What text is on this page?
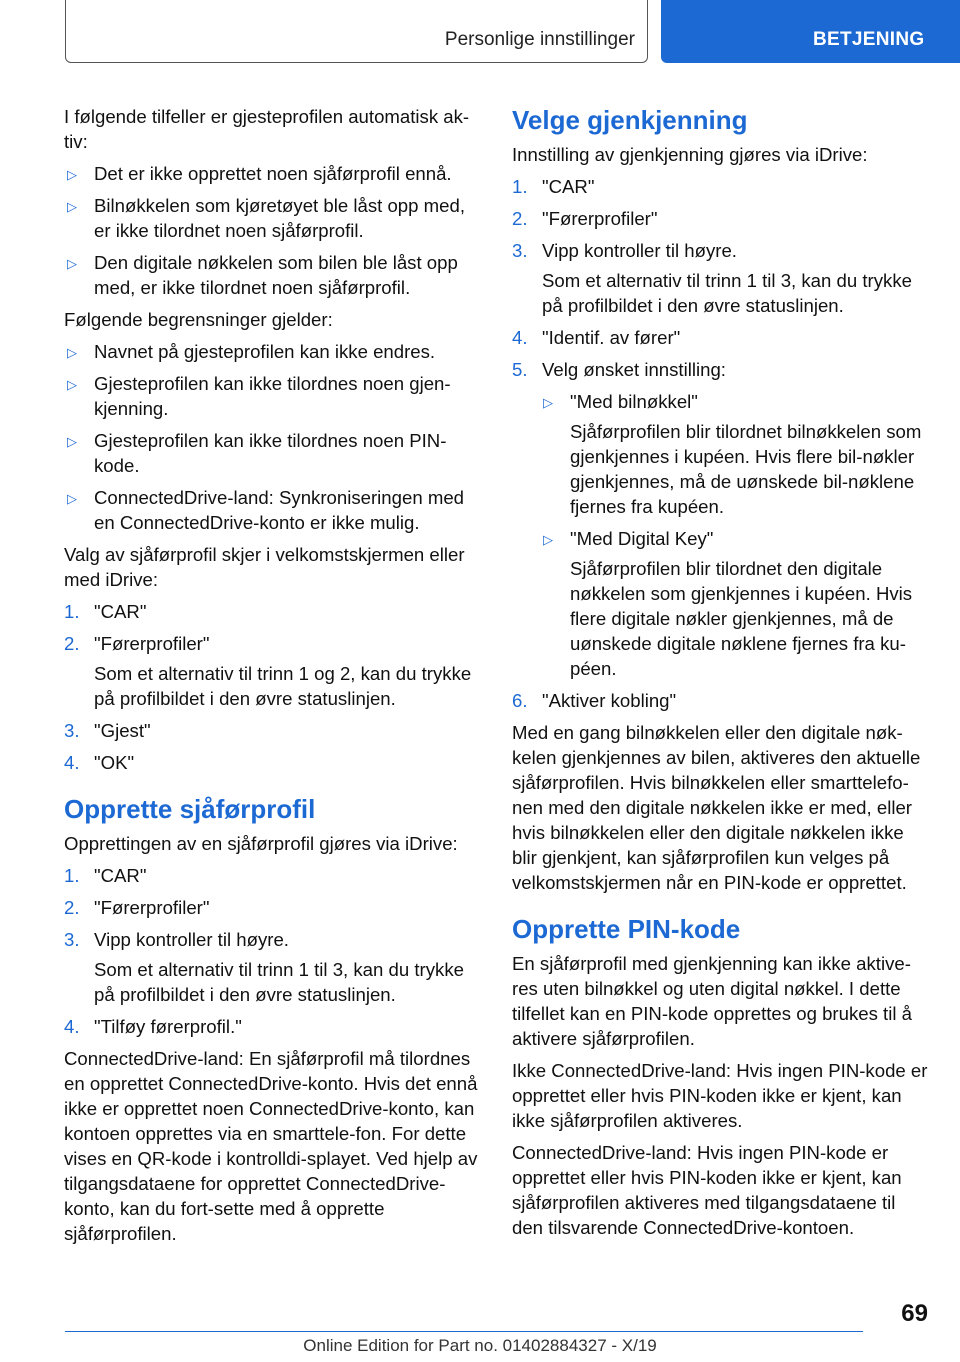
Personlige innstillinger	BETJENING

I følgende tilfeller er gjesteprofilen automatisk ak-tiv:

▷ Det er ikke opprettet noen sjåførprofil ennå.
▷ Bilnøkkelen som kjøretøyet ble låst opp med, er ikke tilordnet noen sjåførprofil.
▷ Den digitale nøkkelen som bilen ble låst opp med, er ikke tilordnet noen sjåførprofil.

Følgende begrensninger gjelder:

▷ Navnet på gjesteprofilen kan ikke endres.
▷ Gjesteprofilen kan ikke tilordnes noen gjen-kjenning.
▷ Gjesteprofilen kan ikke tilordnes noen PIN-kode.
▷ ConnectedDrive-land: Synkroniseringen med en ConnectedDrive-konto er ikke mulig.

Valg av sjåførprofil skjer i velkomstskjermen eller med iDrive:

1. "CAR"
2. "Førerprofiler"
Som et alternativ til trinn 1 og 2, kan du trykke på profilbildet i den øvre statuslinjen.
3. "Gjest"
4. "OK"
Opprette sjåførprofil

Opprettingen av en sjåførprofil gjøres via iDrive:

1. "CAR"
2. "Førerprofiler"
3. Vipp kontroller til høyre.
Som et alternativ til trinn 1 til 3, kan du trykke på profilbildet i den øvre statuslinjen.
4. "Tilføy førerprofil."

ConnectedDrive-land: En sjåførprofil må tilordnes en opprettet ConnectedDrive-konto. Hvis det ennå ikke er opprettet noen ConnectedDrive-konto, kan kontoen opprettes via en smarttele-fon. For dette vises en QR-kode i kontrolldi-splayet. Ved hjelp av tilgangsdataene for opprettet ConnectedDrive-konto, kan du fort-sette med å opprette sjåførprofilen.

Velge gjenkjenning

Innstilling av gjenkjenning gjøres via iDrive:

1. "CAR"
2. "Førerprofiler"
3. Vipp kontroller til høyre.
Som et alternativ til trinn 1 til 3, kan du trykke på profilbildet i den øvre statuslinjen.
4. "Identif. av fører"
5. Velg ønsket innstilling:
▷ "Med bilnøkkel"
Sjåførprofilen blir tilordnet bilnøkkelen som gjenkjennes i kupéen. Hvis flere bil-nøkler gjenkjennes, må de uønskede bil-nøklene fjernes fra kupéen.
▷ "Med Digital Key"
Sjåførprofilen blir tilordnet den digitale nøkkelen som gjenkjennes i kupéen. Hvis flere digitale nøkler gjenkjennes, må de uønskede digitale nøklene fjernes fra ku-péen.
6. "Aktiver kobling"

Med en gang bilnøkkelen eller den digitale nøk-kelen gjenkjennes av bilen, aktiveres den aktuelle sjåførprofilen. Hvis bilnøkkelen eller smarttelefo-nen med den digitale nøkkelen ikke er med, eller hvis bilnøkkelen eller den digitale nøkkelen ikke blir gjenkjent, kan sjåførprofilen kun velges på velkomstskjermen når en PIN-kode er opprettet.

Opprette PIN-kode

En sjåførprofil med gjenkjenning kan ikke aktive-res uten bilnøkkel og uten digital nøkkel. I dette tilfellet kan en PIN-kode opprettes og brukes til å aktivere sjåførprofilen.

Ikke ConnectedDrive-land: Hvis ingen PIN-kode er opprettet eller hvis PIN-koden ikke er kjent, kan ikke sjåførprofilen aktiveres.

ConnectedDrive-land: Hvis ingen PIN-kode er opprettet eller hvis PIN-koden ikke er kjent, kan sjåførprofilen aktiveres med tilgangsdataene til den tilsvarende ConnectedDrive-kontoen.

69
Online Edition for Part no. 01402884327 - X/19
